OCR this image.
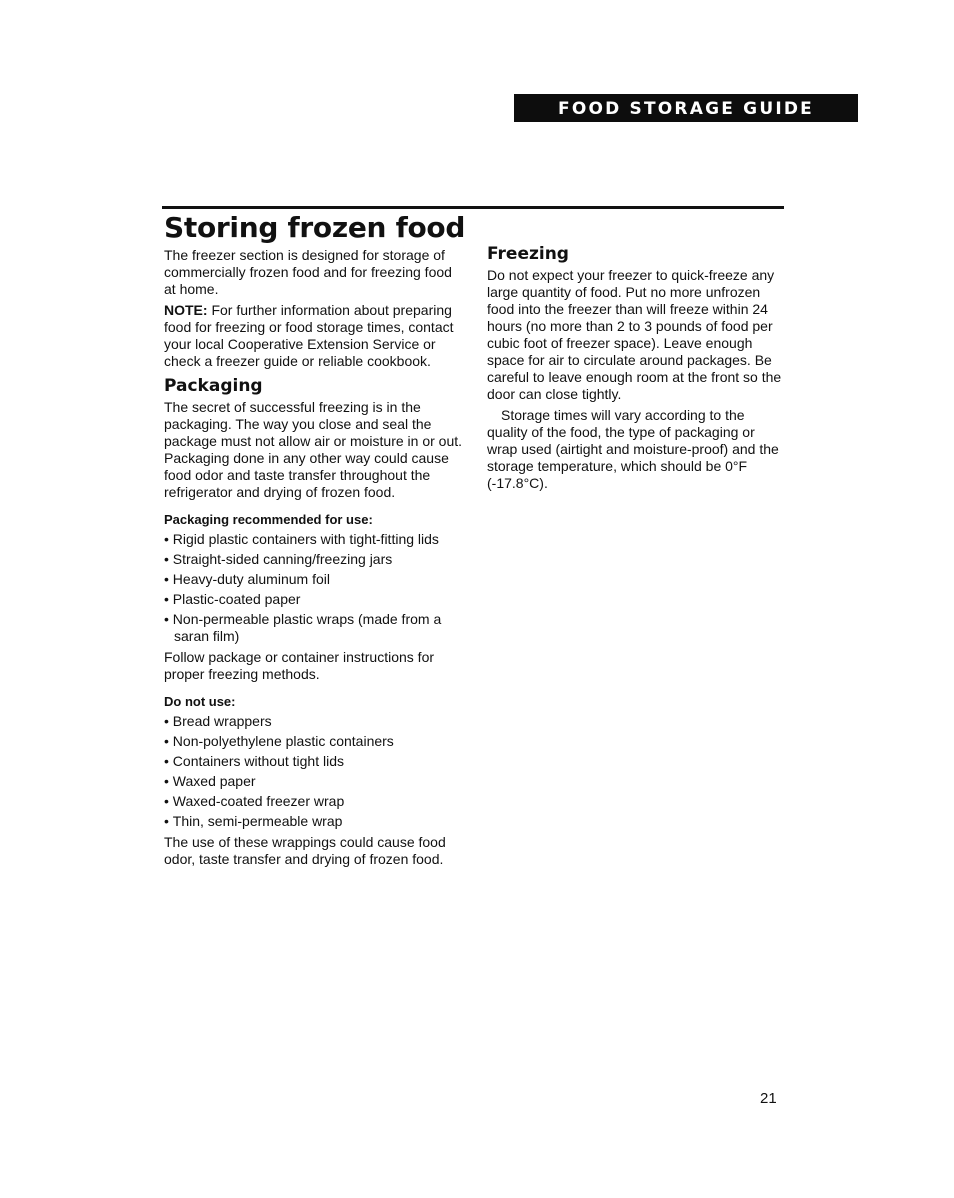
FOOD STORAGE GUIDE
Storing frozen food

The freezer section is designed for storage of commercially frozen food and for freezing food at home.

NOTE: For further information about preparing food for freezing or food storage times, contact your local Cooperative Extension Service or check a freezer guide or reliable cookbook.

Packaging

The secret of successful freezing is in the packaging. The way you close and seal the package must not allow air or moisture in or out. Packaging done in any other way could cause food odor and taste transfer throughout the refrigerator and drying of frozen food.

Packaging recommended for use:
• Rigid plastic containers with tight-fitting lids
• Straight-sided canning/freezing jars
• Heavy-duty aluminum foil
• Plastic-coated paper
• Non-permeable plastic wraps (made from a saran film)

Follow package or container instructions for proper freezing methods.

Do not use:
• Bread wrappers
• Non-polyethylene plastic containers
• Containers without tight lids
• Waxed paper
• Waxed-coated freezer wrap
• Thin, semi-permeable wrap

The use of these wrappings could cause food odor, taste transfer and drying of frozen food.

Freezing

Do not expect your freezer to quick-freeze any large quantity of food. Put no more unfrozen food into the freezer than will freeze within 24 hours (no more than 2 to 3 pounds of food per cubic foot of freezer space). Leave enough space for air to circulate around packages. Be careful to leave enough room at the front so the door can close tightly.

Storage times will vary according to the quality of the food, the type of packaging or wrap used (airtight and moisture-proof) and the storage temperature, which should be 0°F (-17.8°C).

21
